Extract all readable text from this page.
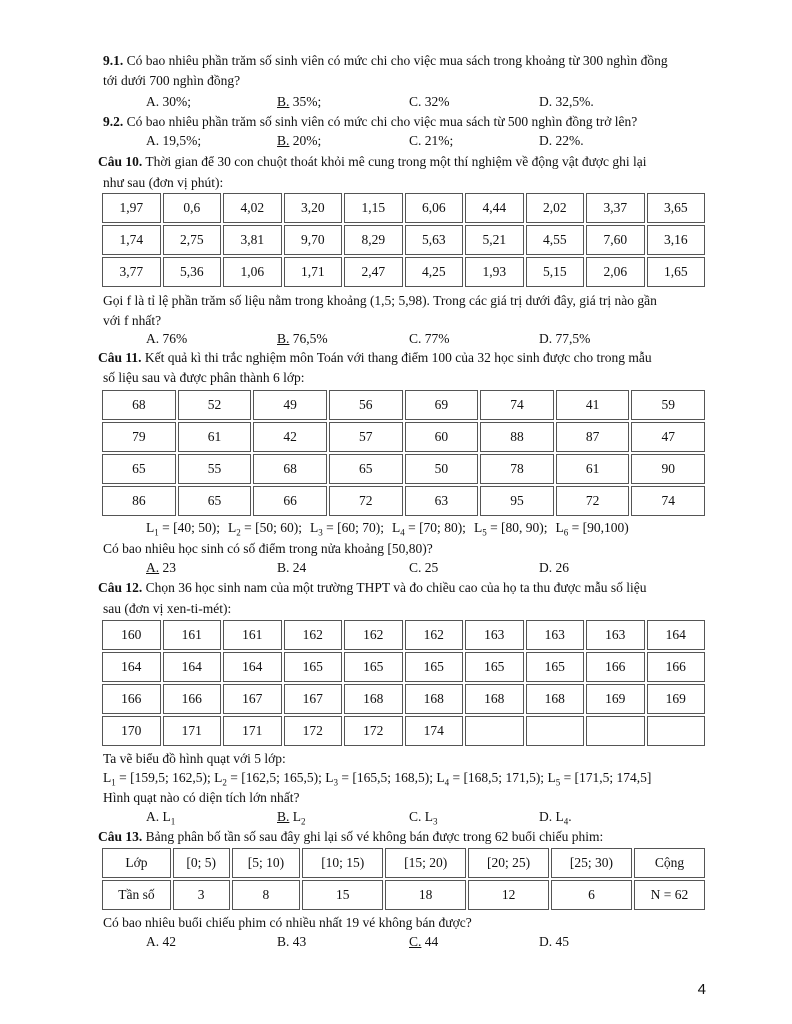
9.1. Có bao nhiêu phần trăm số sinh viên có mức chi cho việc mua sách trong khoảng từ 300 nghìn đồng
tới dưới 700 nghìn đồng?
A. 30%;	B. 35%;	C. 32%	D. 32,5%.
9.2. Có bao nhiêu phần trăm số sinh viên có mức chi cho việc mua sách từ 500 nghìn đồng trở lên?
A. 19,5%;	B. 20%;	C. 21%;	D. 22%.
Câu 10. Thời gian để 30 con chuột thoát khỏi mê cung trong một thí nghiệm về động vật được ghi lại
như sau (đơn vị phút):
1,97	0,6	4,02	3,20	1,15	6,06	4,44	2,02	3,37	3,65
1,74	2,75	3,81	9,70	8,29	5,63	5,21	4,55	7,60	3,16
3,77	5,36	1,06	1,71	2,47	4,25	1,93	5,15	2,06	1,65
Gọi f là tỉ lệ phần trăm số liệu nằm trong khoảng (1,5; 5,98). Trong các giá trị dưới đây, giá trị nào gần
với f nhất?
A. 76%	B. 76,5%	C. 77%	D. 77,5%
Câu 11. Kết quả kì thi trắc nghiệm môn Toán với thang điểm 100 của 32 học sinh được cho trong mẫu
số liệu sau và được phân thành 6 lớp:
68	52	49	56	69	74	41	59
79	61	42	57	60	88	87	47
65	55	68	65	50	78	61	90
86	65	66	72	63	95	72	74
$L_1 = [40$; 50); $L_2 = [50$; 60); $L_3 = [60$; 70); $L_4 = [70$; 80); $L_5 = [80$, 90); $L_6 = [90,100)$
Có bao nhiêu học sinh có số điểm trong nửa khoảng [50,80)?
A. 23	B. 24	C. 25	D. 26
Câu 12. Chọn 36 học sinh nam của một trường THPT và đo chiều cao của họ ta thu được mẫu số liệu
sau (đơn vị xen-ti-mét):
160	161	161	162	162	162	163	163	163	164
164	164	164	165	165	165	165	165	166	166
166	166	167	167	168	168	168	168	169	169
170	171	171	172	172	174				
Ta vẽ biểu đồ hình quạt với 5 lớp:
$L_1 = [159,5$; 162,5); $L_2 = [162,5$; 165,5); $L_3 = [165,5$; 168,5); $L_4 = [168,5$; 171,5); $L_5 = [171,5$; 174,5]
Hình quạt nào có diện tích lớn nhất?
A. $L_1$	B. $L_2$	C. $L_3$	D. $L_4$.
Câu 13. Bảng phân bố tần số sau đây ghi lại số vé không bán được trong 62 buổi chiếu phim:
Lớp	[0; 5)	[5; 10)	[10; 15)	[15; 20)	[20; 25)	[25; 30)	Cộng
Tần số	3	8	15	18	12	6	N = 62
Có bao nhiêu buổi chiếu phim có nhiều nhất 19 vé không bán được?
A. 42	B. 43	C. 44	D. 45
4
